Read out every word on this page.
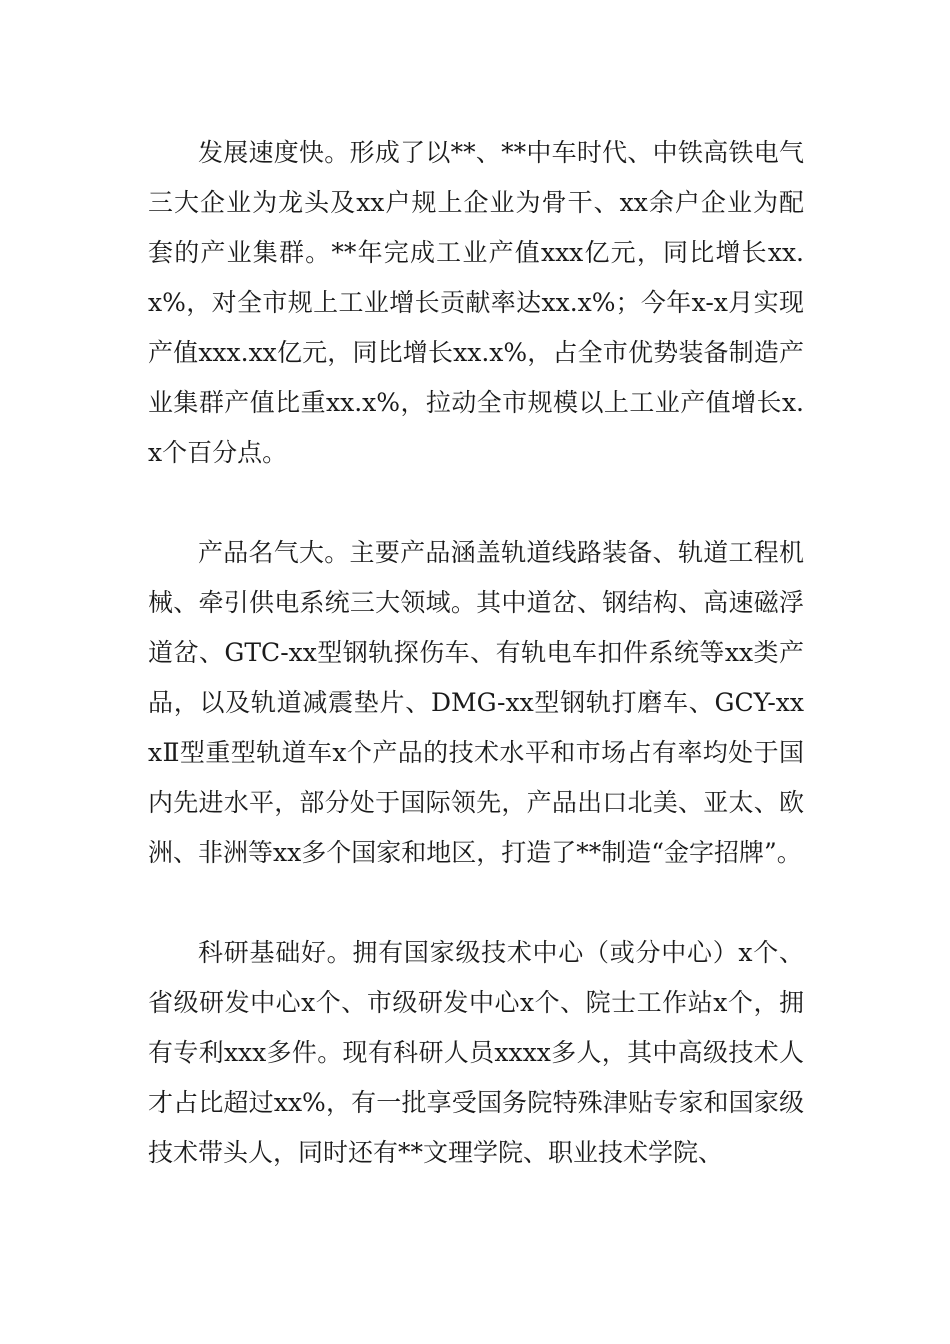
发展速度快。形成了以**、**中车时代、中铁高铁电气三大企业为龙头及xx户规上企业为骨干、xx余户企业为配套的产业集群。**年完成工业产值xxx亿元，同比增长xx.x%，对全市规上工业增长贡献率达xx.x%；今年x-x月实现产值xxx.xx亿元，同比增长xx.x%，占全市优势装备制造产业集群产值比重xx.x%，拉动全市规模以上工业产值增长x.x个百分点。

产品名气大。主要产品涵盖轨道线路装备、轨道工程机械、牵引供电系统三大领域。其中道岔、钢结构、高速磁浮道岔、GTC-xx型钢轨探伤车、有轨电车扣件系统等xx类产品，以及轨道减震垫片、DMG-xx型钢轨打磨车、GCY-xxxⅡ型重型轨道车x个产品的技术水平和市场占有率均处于国内先进水平，部分处于国际领先，产品出口北美、亚太、欧洲、非洲等xx多个国家和地区，打造了**制造“金字招牌”。

科研基础好。拥有国家级技术中心（或分中心）x个、省级研发中心x个、市级研发中心x个、院士工作站x个，拥有专利xxx多件。现有科研人员xxxx多人，其中高级技术人才占比超过xx%，有一批享受国务院特殊津贴专家和国家级技术带头人，同时还有**文理学院、职业技术学院、
